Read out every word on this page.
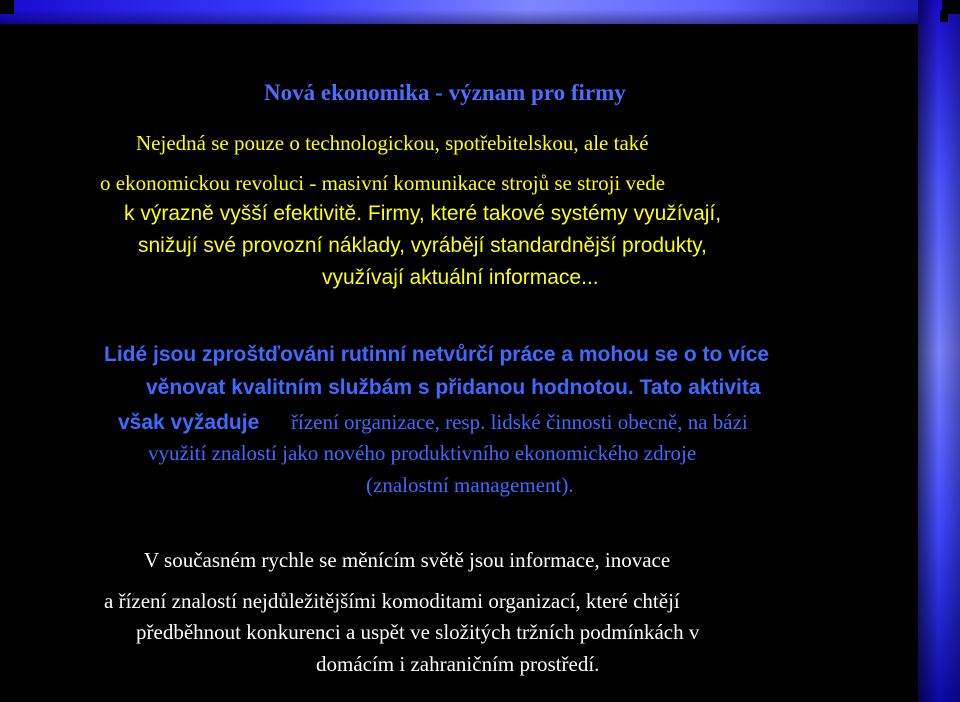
Nová ekonomika - význam pro firmy
Nejedná se pouze o technologickou, spotřebitelskou, ale také
o ekonomickou revoluci - masivní komunikace strojů se stroji vede
k výrazně vyšší efektivitě. Firmy, které takové systémy využívají,
snižují své provozní náklady, vyrábějí standardnější produkty,
využívají aktuální informace...
Lidé jsou zproštďováni rutinní netvůrčí práce a mohou se o to více
věnovat kvalitním službám s přidanou hodnotou. Tato aktivita
však vyžaduje řízení organizace, resp. lidské činnosti obecně, na bázi
využití znalostí jako nového produktivního ekonomického zdroje
(znalostní management).
V současném rychle se měnícím světě jsou informace, inovace
a řízení znalostí nejdůležitějšími komoditami organizací, které chtějí
předběhnout konkurenci a uspět ve složitých tržních podmínkách v
domácím i zahraničním prostředí.
